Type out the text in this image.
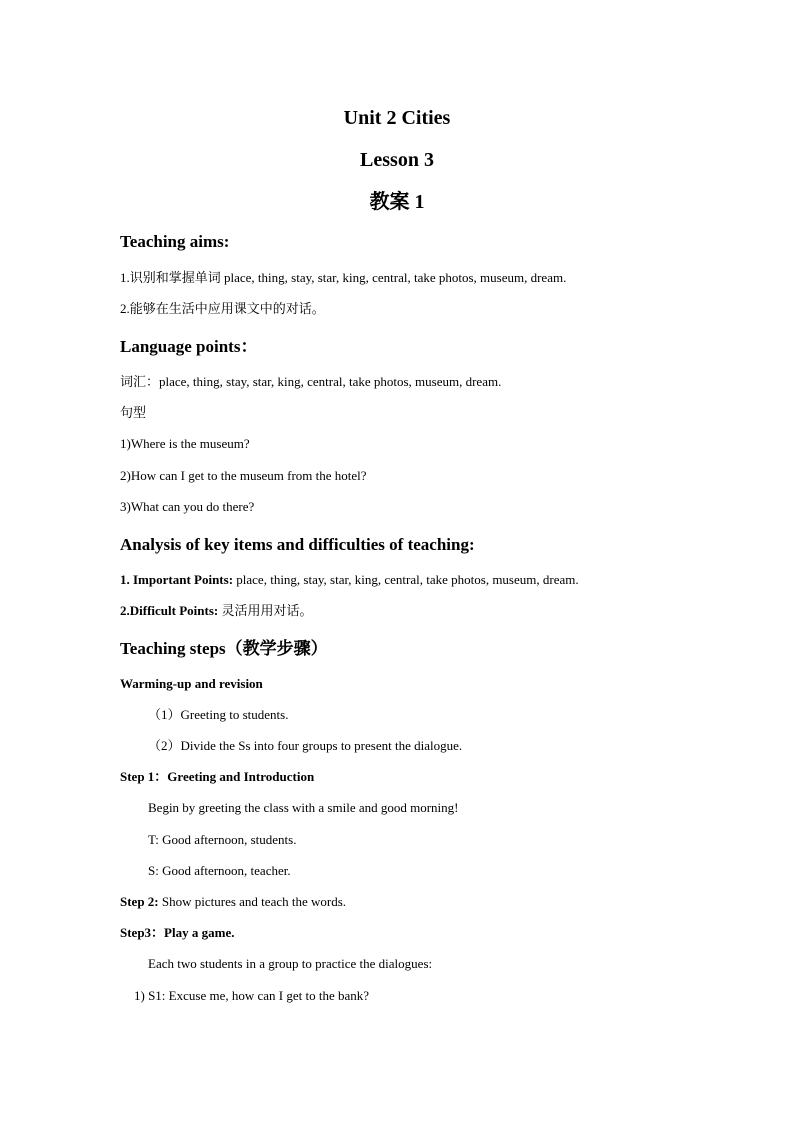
Unit 2 Cities
Lesson 3
教案 1
Teaching aims:
1.识别和掌握单词 place, thing, stay, star, king, central, take photos, museum, dream.
2.能够在生活中应用课文中的对话。
Language points：
词汇：place, thing, stay, star, king, central, take photos, museum, dream.
句型
1)Where is the museum?
2)How can I get to the museum from the hotel?
3)What can you do there?
Analysis of key items and difficulties of teaching:
1. Important Points: place, thing, stay, star, king, central, take photos, museum, dream.
2.Difficult Points: 灵活用用对话。
Teaching steps（教学步骤）
Warming-up and revision
（1）Greeting to students.
（2）Divide the Ss into four groups to present the dialogue.
Step 1：Greeting and Introduction
Begin by greeting the class with a smile and good morning!
T: Good afternoon, students.
S: Good afternoon, teacher.
Step 2: Show pictures and teach the words.
Step3：Play a game.
Each two students in a group to practice the dialogues:
1) S1: Excuse me, how can I get to the bank?
